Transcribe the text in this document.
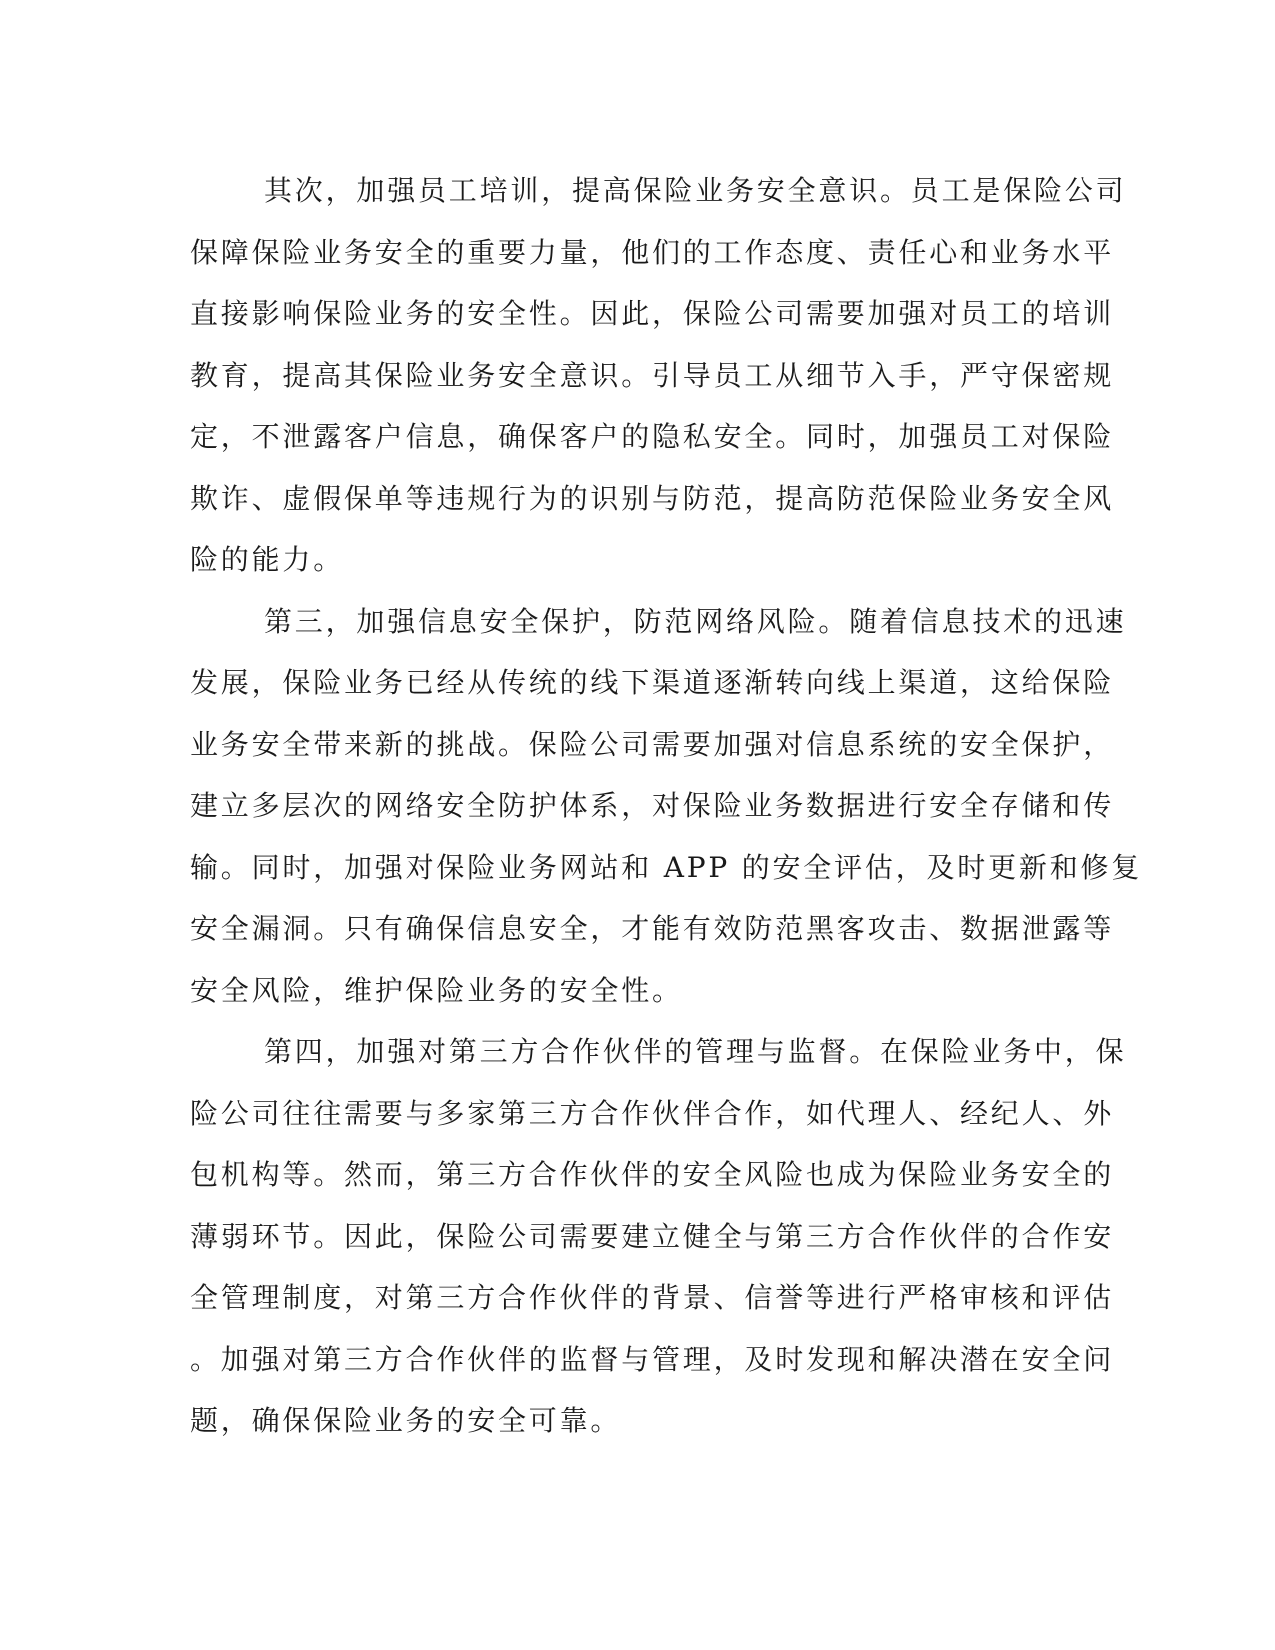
其次，加强员工培训，提高保险业务安全意识。员工是保险公司
保障保险业务安全的重要力量，他们的工作态度、责任心和业务水平
直接影响保险业务的安全性。因此，保险公司需要加强对员工的培训
教育，提高其保险业务安全意识。引导员工从细节入手，严守保密规
定，不泄露客户信息，确保客户的隐私安全。同时，加强员工对保险
欺诈、虚假保单等违规行为的识别与防范，提高防范保险业务安全风
险的能力。
第三，加强信息安全保护，防范网络风险。随着信息技术的迅速
发展，保险业务已经从传统的线下渠道逐渐转向线上渠道，这给保险
业务安全带来新的挑战。保险公司需要加强对信息系统的安全保护，
建立多层次的网络安全防护体系，对保险业务数据进行安全存储和传
输。同时，加强对保险业务网站和 APP 的安全评估，及时更新和修复
安全漏洞。只有确保信息安全，才能有效防范黑客攻击、数据泄露等
安全风险，维护保险业务的安全性。
第四，加强对第三方合作伙伴的管理与监督。在保险业务中，保
险公司往往需要与多家第三方合作伙伴合作，如代理人、经纪人、外
包机构等。然而，第三方合作伙伴的安全风险也成为保险业务安全的
薄弱环节。因此，保险公司需要建立健全与第三方合作伙伴的合作安
全管理制度，对第三方合作伙伴的背景、信誉等进行严格审核和评估
。加强对第三方合作伙伴的监督与管理，及时发现和解决潜在安全问
题，确保保险业务的安全可靠。
